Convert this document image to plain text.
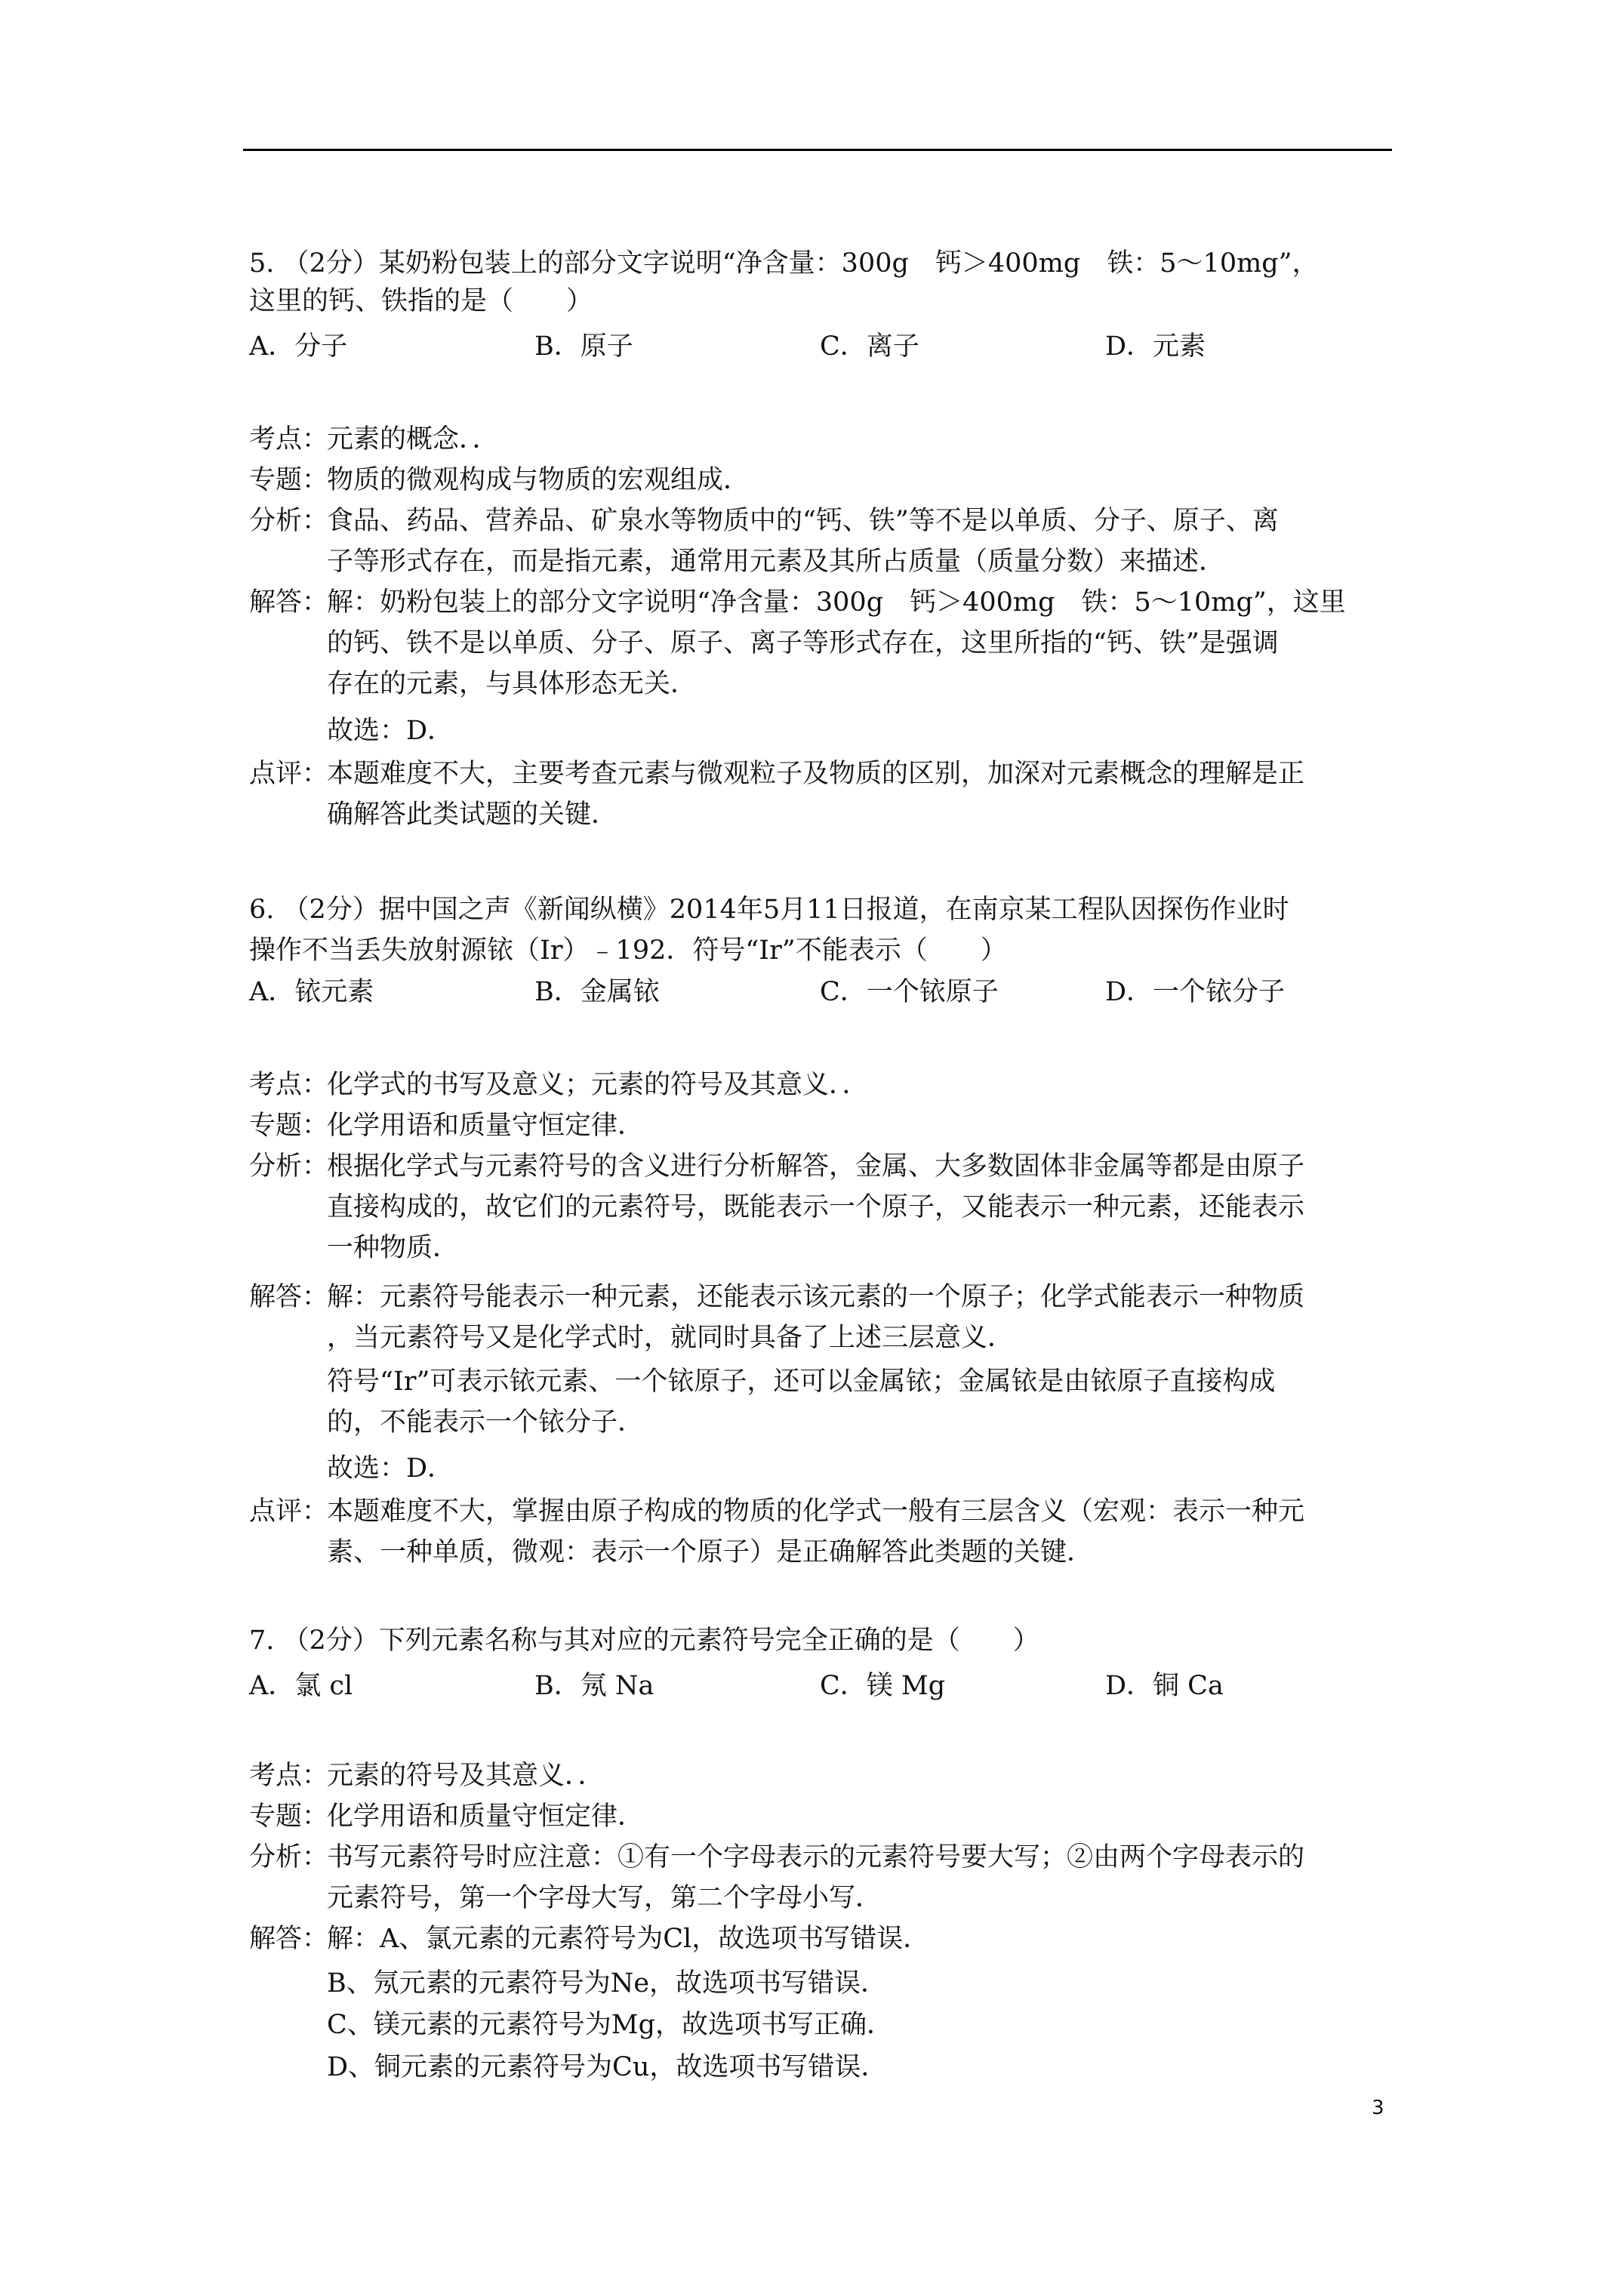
5. （2分）某奶粉包装上的部分文字说明“净含量：300g　钙＞400mg　铁：5～10mg”，
这里的钙、铁指的是（　　）
A．分子	B．原子	C．离子	D．元素
考点：
元素的概念．．
专题：
物质的微观构成与物质的宏观组成．
分析：
食品、药品、营养品、矿泉水等物质中的“钙、铁”等不是以单质、分子、原子、离
子等形式存在，而是指元素，通常用元素及其所占质量（质量分数）来描述．
解答：
解：奶粉包装上的部分文字说明“净含量：300g　钙＞400mg　铁：5～10mg”，这里
的钙、铁不是以单质、分子、原子、离子等形式存在，这里所指的“钙、铁”是强调
存在的元素，与具体形态无关．
故选：D．
点评：
本题难度不大，主要考查元素与微观粒子及物质的区别，加深对元素概念的理解是正
确解答此类试题的关键．
6. （2分）据中国之声《新闻纵横》2014年5月11日报道，在南京某工程队因探伤作业时
操作不当丢失放射源铱（Ir）﹣192．符号“Ir”不能表示（　　）
A．铱元素	B．金属铱	C．一个铱原子	D．一个铱分子
考点：
化学式的书写及意义；元素的符号及其意义．．
专题：
化学用语和质量守恒定律．
分析：
根据化学式与元素符号的含义进行分析解答，金属、大多数固体非金属等都是由原子
直接构成的，故它们的元素符号，既能表示一个原子，又能表示一种元素，还能表示
一种物质．
解答：
解：元素符号能表示一种元素，还能表示该元素的一个原子；化学式能表示一种物质
，当元素符号又是化学式时，就同时具备了上述三层意义．
符号“Ir”可表示铱元素、一个铱原子，还可以金属铱；金属铱是由铱原子直接构成
的，不能表示一个铱分子．
故选：D．
点评：
本题难度不大，掌握由原子构成的物质的化学式一般有三层含义（宏观：表示一种元
素、一种单质，微观：表示一个原子）是正确解答此类题的关键．
7. （2分）下列元素名称与其对应的元素符号完全正确的是（　　）
A．氯 cl	B．氖 Na	C．镁 Mg	D．铜 Ca
考点：
元素的符号及其意义．．
专题：
化学用语和质量守恒定律．
分析：
书写元素符号时应注意：①有一个字母表示的元素符号要大写；②由两个字母表示的
元素符号，第一个字母大写，第二个字母小写．
解答：
解：A、氯元素的元素符号为Cl，故选项书写错误．
B、氖元素的元素符号为Ne，故选项书写错误．
C、镁元素的元素符号为Mg，故选项书写正确．
D、铜元素的元素符号为Cu，故选项书写错误．
3
